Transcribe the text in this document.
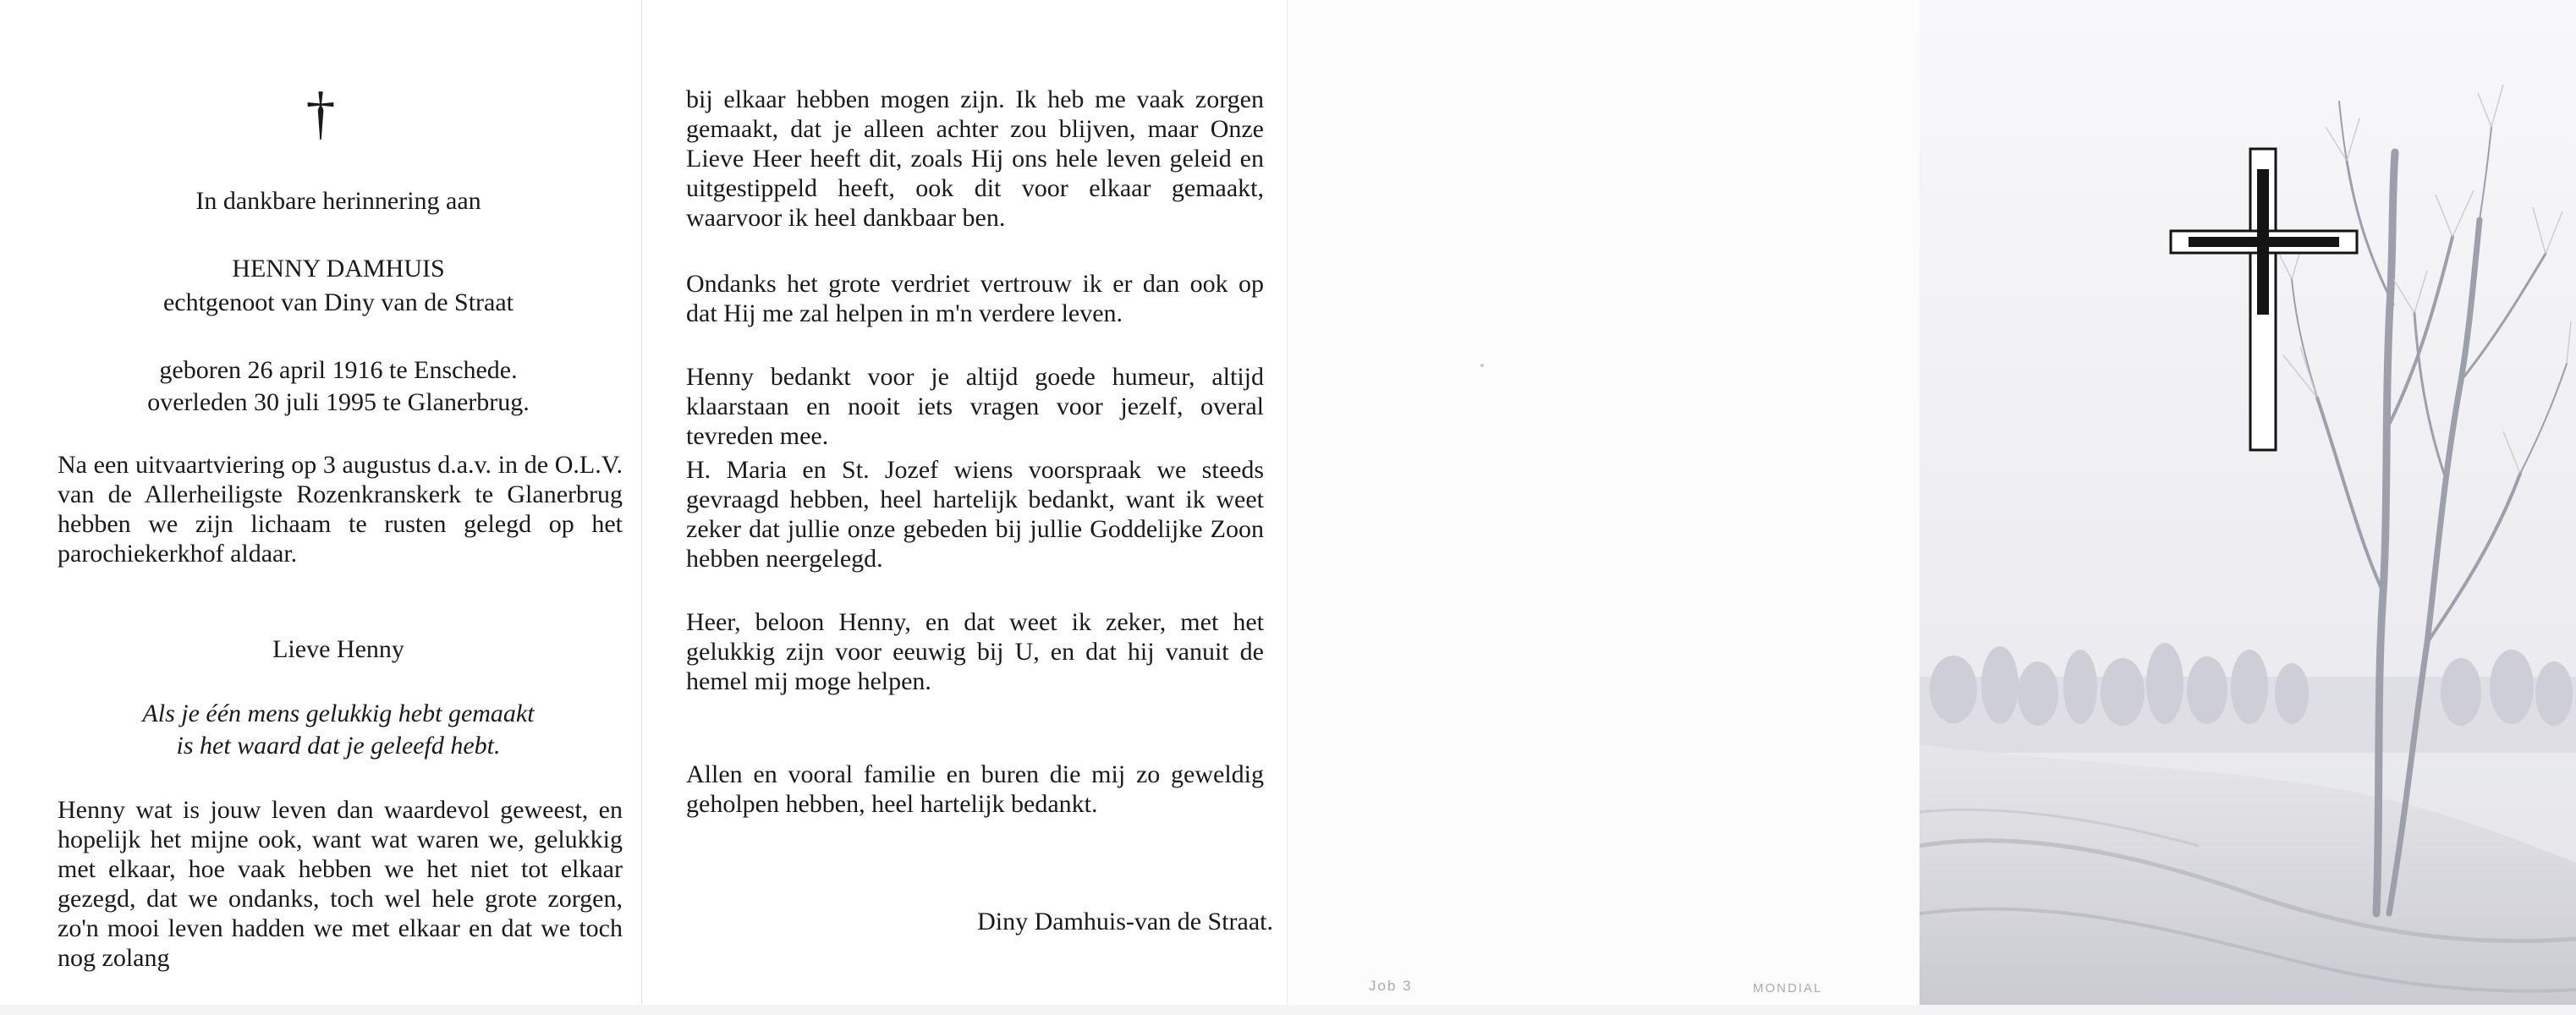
†

In dankbare herinnering aan

HENNY DAMHUIS

echtgenoot van Diny van de Straat

geboren 26 april 1916 te Enschede.

overleden 30 juli 1995 te Glanerbrug.

Na een uitvaartviering op 3 augustus d.a.v. in de O.L.V. van de Allerheiligste Rozenkranskerk te Glanerbrug hebben we zijn lichaam te rusten gelegd op het parochiekerkhof aldaar.

Lieve Henny

Als je één mens gelukkig hebt gemaakt

is het waard dat je geleefd hebt.

Henny wat is jouw leven dan waardevol geweest, en hopelijk het mijne ook, want wat waren we, gelukkig met elkaar, hoe vaak hebben we het niet tot elkaar gezegd, dat we ondanks, toch wel hele grote zorgen, zo'n mooi leven hadden we met elkaar en dat we toch nog zolang

bij elkaar hebben mogen zijn. Ik heb me vaak zorgen gemaakt, dat je alleen achter zou blijven, maar Onze Lieve Heer heeft dit, zoals Hij ons hele leven geleid en uitgestippeld heeft, ook dit voor elkaar gemaakt, waarvoor ik heel dankbaar ben.

Ondanks het grote verdriet vertrouw ik er dan ook op dat Hij me zal helpen in m'n verdere leven.

Henny bedankt voor je altijd goede humeur, altijd klaarstaan en nooit iets vragen voor jezelf, overal tevreden mee.

H. Maria en St. Jozef wiens voorspraak we steeds gevraagd hebben, heel hartelijk bedankt, want ik weet zeker dat jullie onze gebeden bij jullie Goddelijke Zoon hebben neergelegd.

Heer, beloon Henny, en dat weet ik zeker, met het gelukkig zijn voor eeuwig bij U, en dat hij vanuit de hemel mij moge helpen.

Allen en vooral familie en buren die mij zo geweldig geholpen hebben, heel hartelijk bedankt.

Diny Damhuis-van de Straat.

Job 3	MONDIAL
